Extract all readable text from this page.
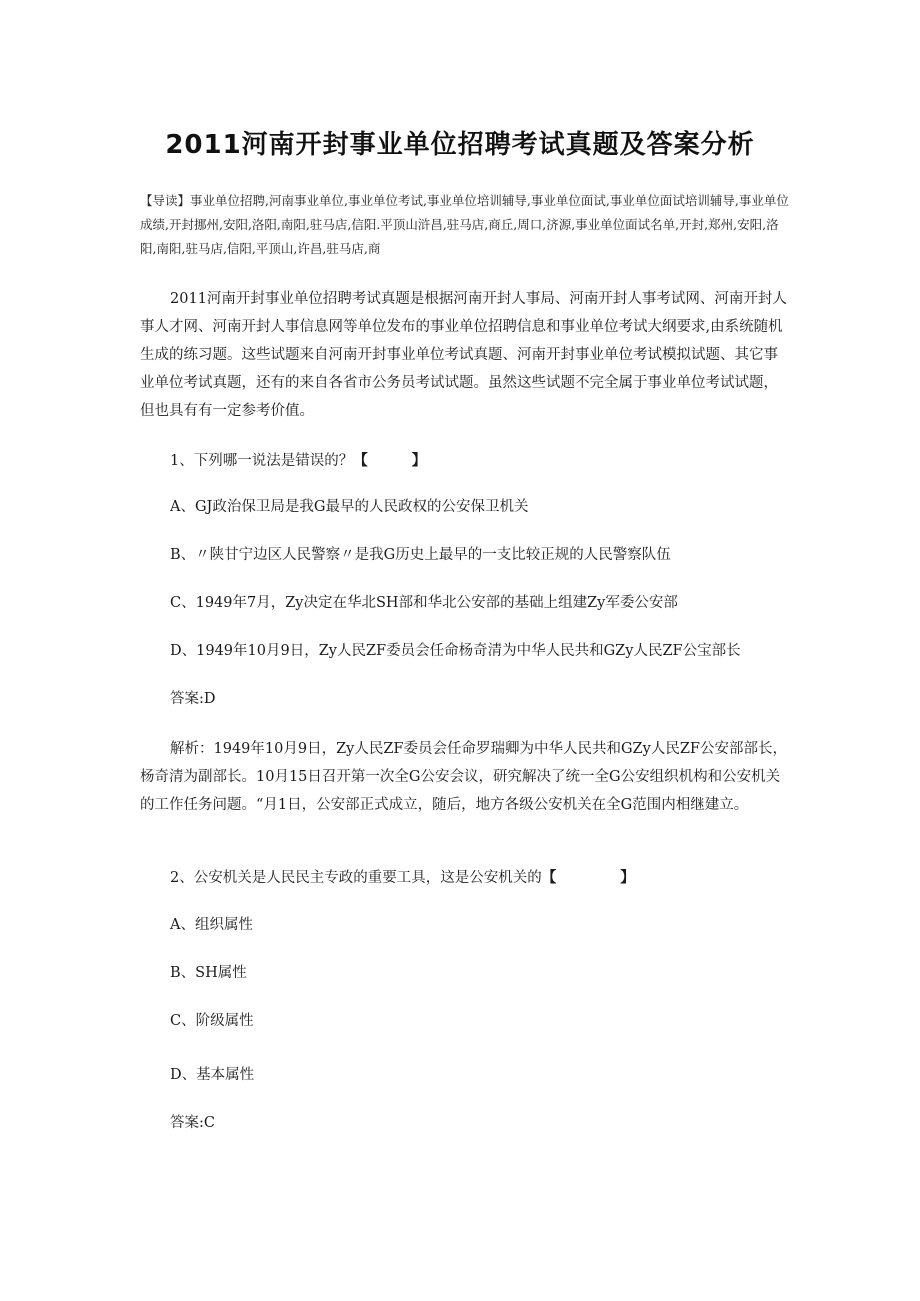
2011河南开封事业单位招聘考试真题及答案分析
【导读】事业单位招聘,河南事业单位,事业单位考试,事业单位培训辅导,事业单位面试,事业单位面试培训辅导,事业单位成绩,开封挪州,安阳,洛阳,南阳,驻马店,信阳.平顶山浒昌,驻马店,商丘,周口,济源,事业单位面试名单,开封,郑州,安阳,洛阳,南阳,驻马店,信阳,平顶山,许昌,驻马店,商
2011河南开封事业单位招聘考试真题是根据河南开封人事局、河南开封人事考试网、河南开封人事人才网、河南开封人事信息网等单位发布的事业单位招聘信息和事业单位考试大纲要求,由系统随机生成的练习题。这些试题来自河南开封事业单位考试真题、河南开封事业单位考试模拟试题、其它事业单位考试真题，还有的来自各省市公务员考试试题。虽然这些试题不完全属于事业单位考试试题，但也具有有一定参考价值。
1、下列哪一说法是错误的？【	】
A、GJ政治保卫局是我G最早的人民政权的公安保卫机关
B、〃陕甘宁边区人民警察〃是我G历史上最早的一支比较正规的人民警察队伍
C、1949年7月，Zy决定在华北SH部和华北公安部的基础上组建Zy军委公安部
D、1949年10月9日，Zy人民ZF委员会任命杨奇清为中华人民共和GZy人民ZF公宝部长
答案:D
解析：1949年10月9日，Zy人民ZF委员会任命罗瑞卿为中华人民共和GZy人民ZF公安部部长，杨奇清为副部长。10月15日召开第一次全G公安会议，研究解决了统一全G公安组织机构和公安机关的工作任务问题。“月1日，公安部正式成立，随后，地方各级公安机关在全G范围内相继建立。
2、公安机关是人民民主专政的重要工具，这是公安机关的【	】
A、组织属性
B、SH属性
C、阶级属性
D、基本属性
答案:C
